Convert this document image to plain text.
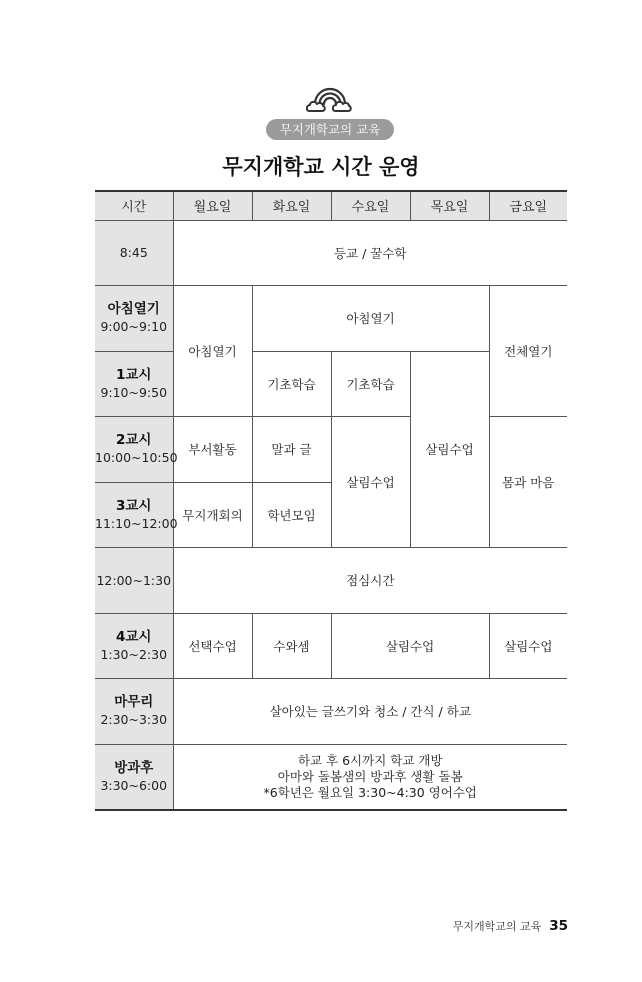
무지개학교의 교육
무지개학교 시간 운영
시간	월요일	화요일	수요일	목요일	금요일

8:45	등교 / 꿀수학				

아침열기
9:00~9:10	아침열기	아침열기			전체열기

1교시
9:10~9:50		기초학습	기초학습	살림수업	

2교시
10:00~10:50	부서활동	말과 글	살림수업		몸과 마음

3교시
11:10~12:00	무지개회의	학년모임			

12:00~1:30	점심시간				

4교시
1:30~2:30	선택수업	수와셈	살림수업		살림수업

마무리
2:30~3:30	살아있는 글쓰기와 청소 / 간식 / 하교				

방과후
3:30~6:00	하교 후 6시까지 학교 개방
아마와 돌봄샘의 방과후 생활 돌봄
*6학년은 월요일 3:30~4:30 영어수업				
무지개학교의 교육 35
